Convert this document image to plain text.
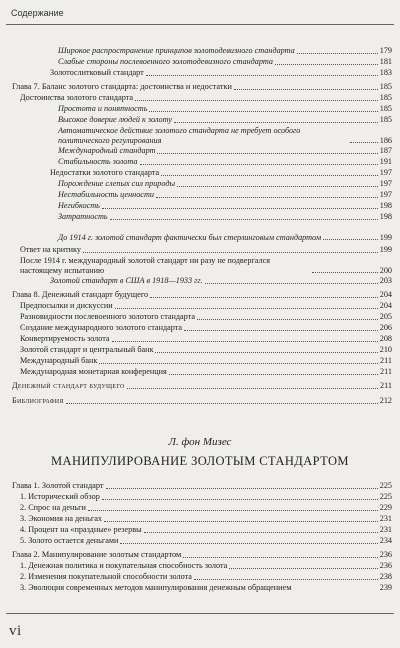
Содержание
Широкое распространение принципов золотодевизного стандарта	179
Слабые стороны послевоенного золотодевизного стандарта	181
Золотослитковый стандарт	183
Глава 7. Баланс золотого стандарта: достоинства и недостатки	185
Достоинства золотого стандарта	185
Простота и понятность	185
Высокое доверие людей к золоту	185
Автоматическое действие золотого стандарта не требует особого политического регулирования	186
Международный стандарт	187
Стабильность золота	191
Недостатки золотого стандарта	197
Порождение слепых сил природы	197
Нестабильность ценности	197
Негибкость	198
Затратность	198
До 1914 г. золотой стандарт фактически был стерлинговым стандартом	199
Ответ на критику	199
После 1914 г. международный золотой стандарт ни разу не подвергался настоящему испытанию	200
Золотой стандарт в США в 1918—1933 гг.	203
Глава 8. Денежный стандарт будущего	204
Предпосылки и дискуссии	204
Разновидности послевоенного золотого стандарта	205
Создание международного золотого стандарта	206
Конвертируемость золота	208
Золотой стандарт и центральный банк	210
Международный банк	211
Международная монетарная конференция	211
Денежный стандарт будущего	211
Библиография	212
Глава 1. Золотой стандарт	225
1. Исторический обзор	225
2. Спрос на деньги	229
3. Экономия на деньгах	231
4. Процент на «праздные» резервы	231
5. Золото остается деньгами	234
Глава 2. Манипулирование золотым стандартом	236
1. Денежная политика и покупательная способность золота	236
2. Изменения покупательной способности золота	238
3. Эволюция современных методов манипулирования денежным обращением	239
Л. фон Мизес
МАНИПУЛИРОВАНИЕ ЗОЛОТЫМ СТАНДАРТОМ
vi
